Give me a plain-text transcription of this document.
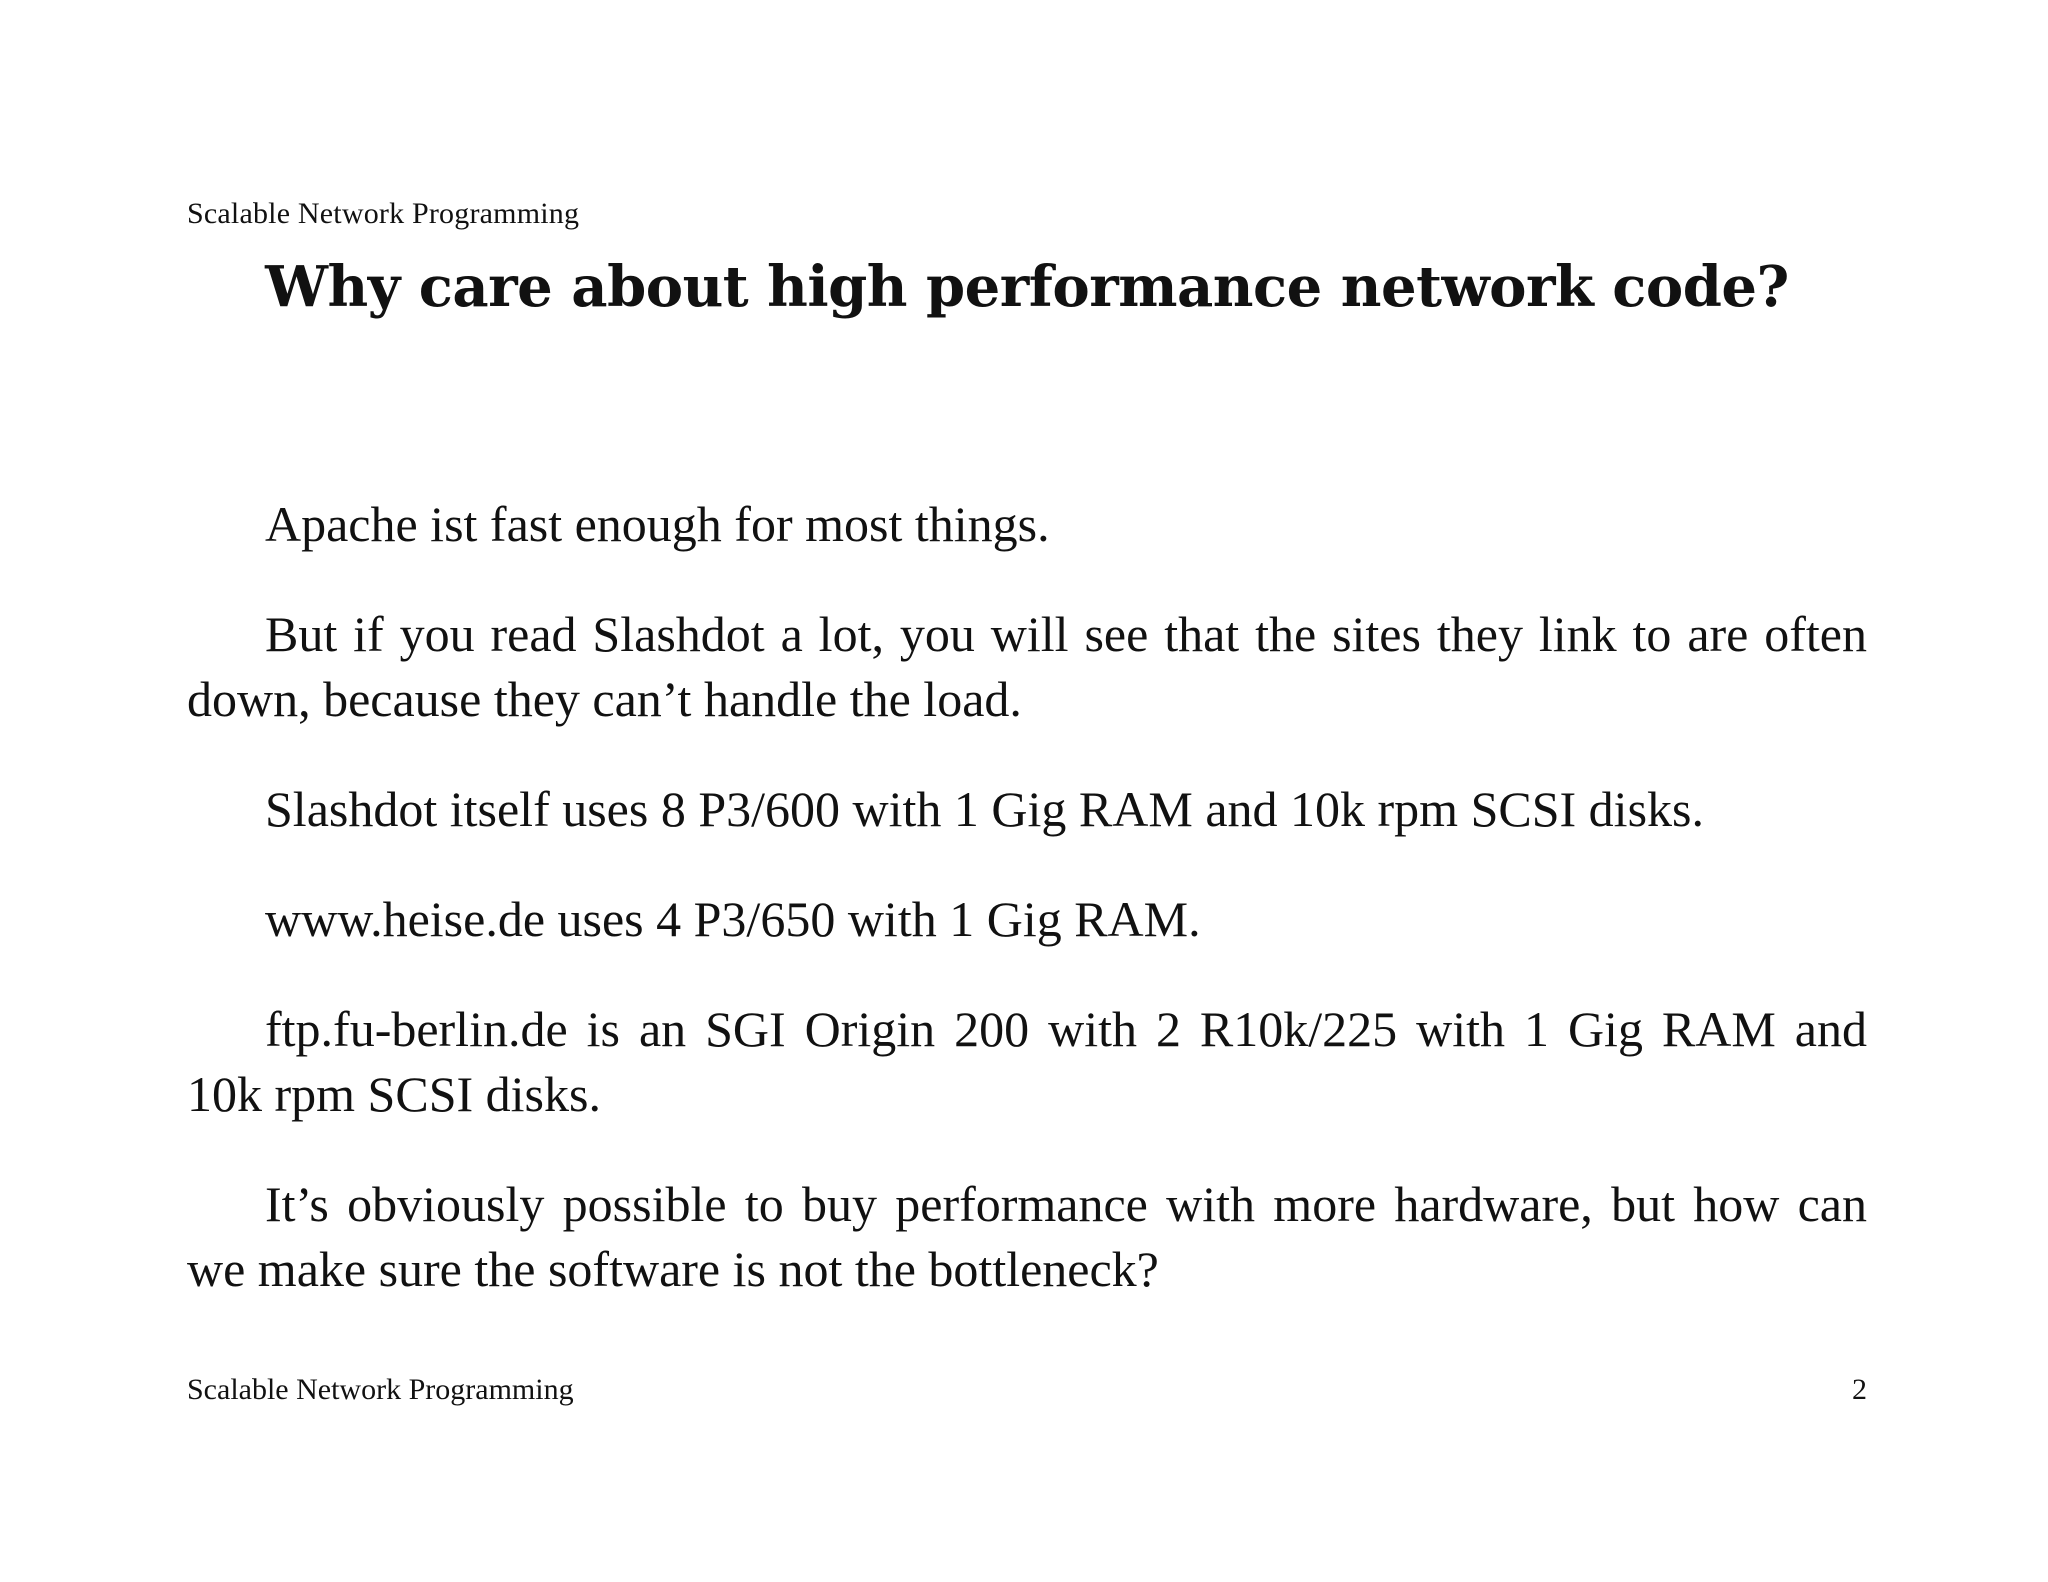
Scalable Network Programming
Why care about high performance network code?

Apache ist fast enough for most things.

But if you read Slashdot a lot, you will see that the sites they link to are often down, because they can’t handle the load.

Slashdot itself uses 8 P3/600 with 1 Gig RAM and 10k rpm SCSI disks.

www.heise.de uses 4 P3/650 with 1 Gig RAM.

ftp.fu-berlin.de is an SGI Origin 200 with 2 R10k/225 with 1 Gig RAM and 10k rpm SCSI disks.

It’s obviously possible to buy performance with more hardware, but how can we make sure the software is not the bottleneck?

Scalable Network Programming	2
